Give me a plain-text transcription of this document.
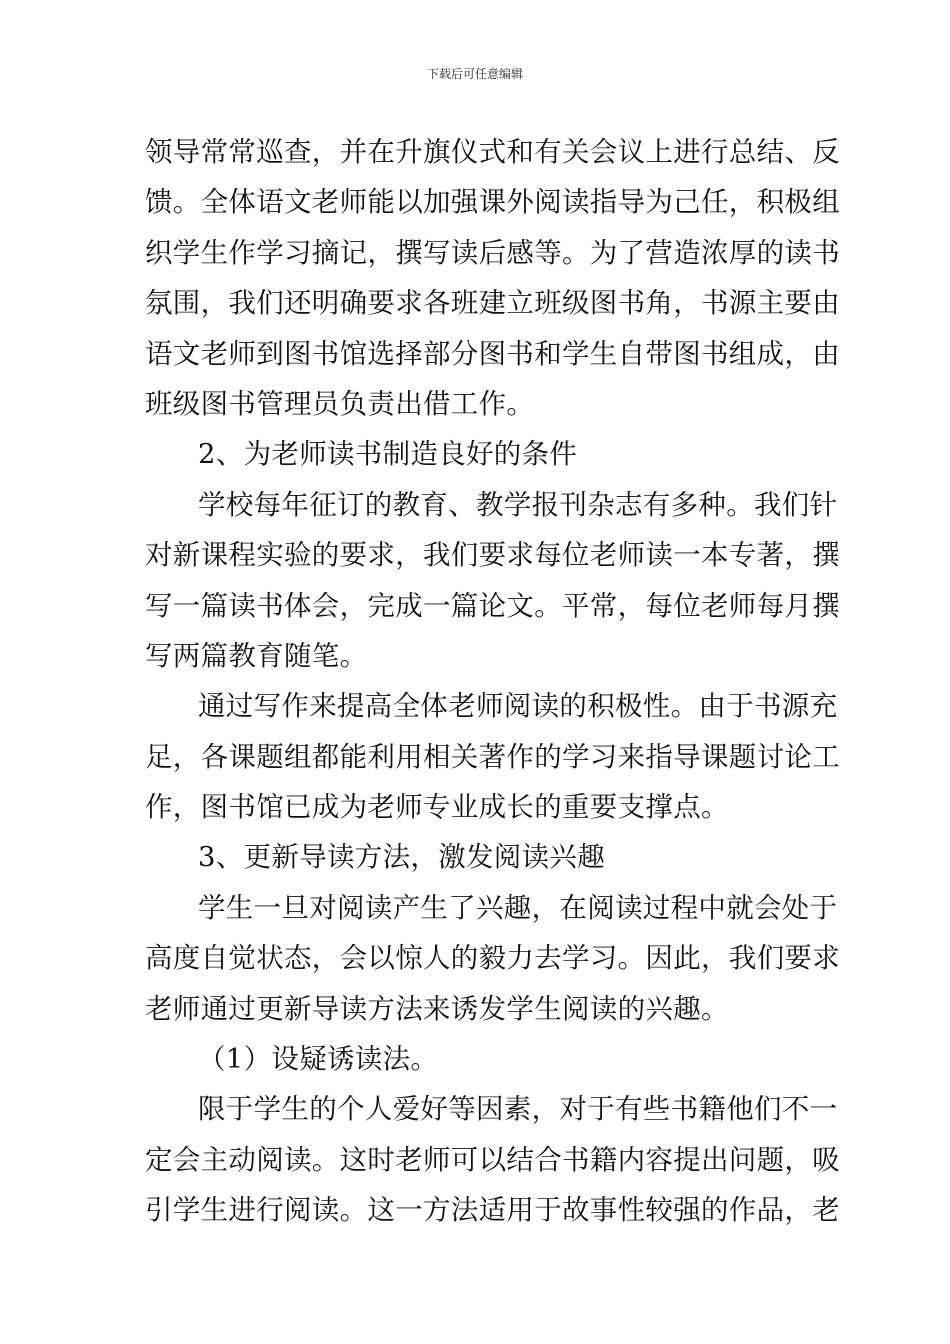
下载后可任意编辑
领导常常巡查，并在升旗仪式和有关会议上进行总结、反
馈。全体语文老师能以加强课外阅读指导为己任，积极组
织学生作学习摘记，撰写读后感等。为了营造浓厚的读书
氛围，我们还明确要求各班建立班级图书角，书源主要由
语文老师到图书馆选择部分图书和学生自带图书组成，由
班级图书管理员负责出借工作。
2、为老师读书制造良好的条件
学校每年征订的教育、教学报刊杂志有多种。我们针
对新课程实验的要求，我们要求每位老师读一本专著，撰
写一篇读书体会，完成一篇论文。平常，每位老师每月撰
写两篇教育随笔。
通过写作来提高全体老师阅读的积极性。由于书源充
足，各课题组都能利用相关著作的学习来指导课题讨论工
作，图书馆已成为老师专业成长的重要支撑点。
3、更新导读方法，激发阅读兴趣
学生一旦对阅读产生了兴趣，在阅读过程中就会处于
高度自觉状态，会以惊人的毅力去学习。因此，我们要求
老师通过更新导读方法来诱发学生阅读的兴趣。
（1）设疑诱读法。
限于学生的个人爱好等因素，对于有些书籍他们不一
定会主动阅读。这时老师可以结合书籍内容提出问题，吸
引学生进行阅读。这一方法适用于故事性较强的作品，老
